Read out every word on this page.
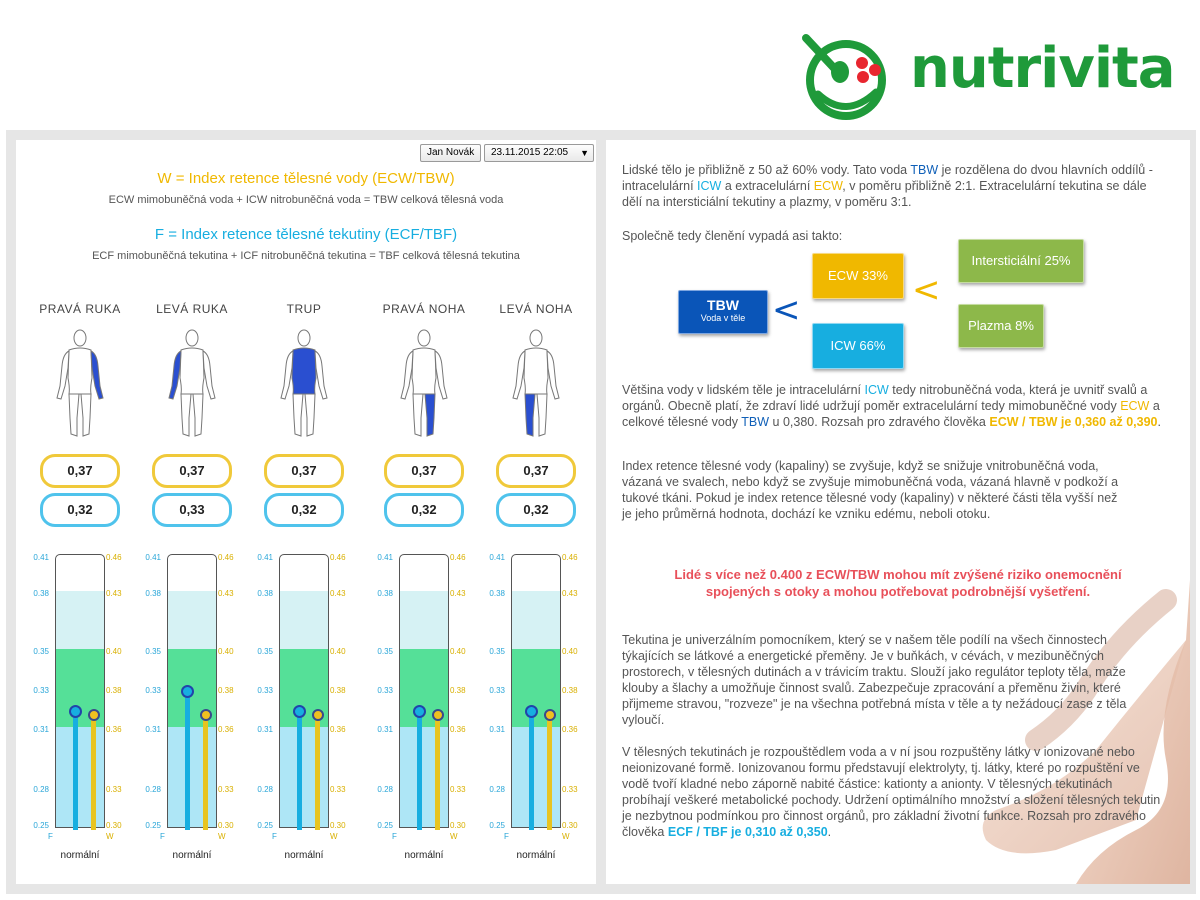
nutrivita
Jan Novák	23.11.2015 22:05 ▼
W = Index retence tělesné vody (ECW/TBW)
ECW mimobuněčná voda + ICW nitrobuněčná voda = TBW celková tělesná voda
F = Index retence tělesné tekutiny (ECF/TBF)
ECF mimobuněčná tekutina + ICF nitrobuněčná tekutina = TBF celková tělesná tekutina
PRAVÁ RUKA
0,37
0,32
0.41	0.46
0.38	0.43
0.35	0.40
0.33	0.38
0.31	0.36
0.28	0.33
0.25	0.30
F	W
normální
LEVÁ RUKA
0,37
0,33
0.41	0.46
0.38	0.43
0.35	0.40
0.33	0.38
0.31	0.36
0.28	0.33
0.25	0.30
F	W
normální
TRUP
0,37
0,32
0.41	0.46
0.38	0.43
0.35	0.40
0.33	0.38
0.31	0.36
0.28	0.33
0.25	0.30
F	W
normální
PRAVÁ NOHA
0,37
0,32
0.41	0.46
0.38	0.43
0.35	0.40
0.33	0.38
0.31	0.36
0.28	0.33
0.25	0.30
F	W
normální
LEVÁ NOHA
0,37
0,32
0.41	0.46
0.38	0.43
0.35	0.40
0.33	0.38
0.31	0.36
0.28	0.33
0.25	0.30
F	W
normální
Lidské tělo je přibližně z 50 až 60% vody. Tato voda TBW je rozdělena do dvou hlavních oddílů - intracelulární ICW a extracelulární ECW, v poměru přibližně 2:1. Extracelulární tekutina se dále dělí na intersticiální tekutiny a plazmy, v poměru 3:1.
Společně tedy členění vypadá asi takto:
TBW
Voda v těle <
ECW 33%
ICW 66%
<
Intersticiální 25%
Plazma 8%
Většina vody v lidském těle je intracelulární ICW tedy nitrobuněčná voda, která je uvnitř svalů a orgánů. Obecně platí, že zdraví lidé udržují poměr extracelulární tedy mimobuněčné vody ECW a celkové tělesné vody TBW u 0,380. Rozsah pro zdravého člověka ECW / TBW je 0,360 až 0,390.
Index retence tělesné vody (kapaliny) se zvyšuje, když se snižuje vnitrobuněčná voda, vázaná ve svalech, nebo když se zvyšuje mimobuněčná voda, vázaná hlavně v podkoží a tukové tkáni. Pokud je index retence tělesné vody (kapaliny) v některé části těla vyšší než je jeho průměrná hodnota, dochází ke vzniku edému, neboli otoku.
Lidé s více než 0.400 z ECW/TBW mohou mít zvýšené riziko onemocnění
spojených s otoky a mohou potřebovat podrobnější vyšetření.
Tekutina je univerzálním pomocníkem, který se v našem těle podílí na všech činnostech týkajících se látkové a energetické přeměny. Je v buňkách, v cévách, v mezibuněčných prostorech, v tělesných dutinách a v trávicím traktu. Slouží jako regulátor teploty těla, maže klouby a šlachy a umožňuje činnost svalů. Zabezpečuje zpracování a přeměnu živin, které přijmeme stravou, "rozveze" je na všechna potřebná místa v těle a ty nežádoucí zase z těla vyloučí.
V tělesných tekutinách je rozpouštědlem voda a v ní jsou rozpuštěny látky v ionizované nebo neionizované formě. Ionizovanou formu představují elektrolyty, tj. látky, které po rozpuštění ve vodě tvoří kladné nebo záporně nabité částice: kationty a anionty. V tělesných tekutinách probíhají veškeré metabolické pochody. Udržení optimálního množství a složení tělesných tekutin je nezbytnou podmínkou pro činnost orgánů, pro základní životní funkce. Rozsah pro zdravého člověka ECF / TBF je 0,310 až 0,350.
